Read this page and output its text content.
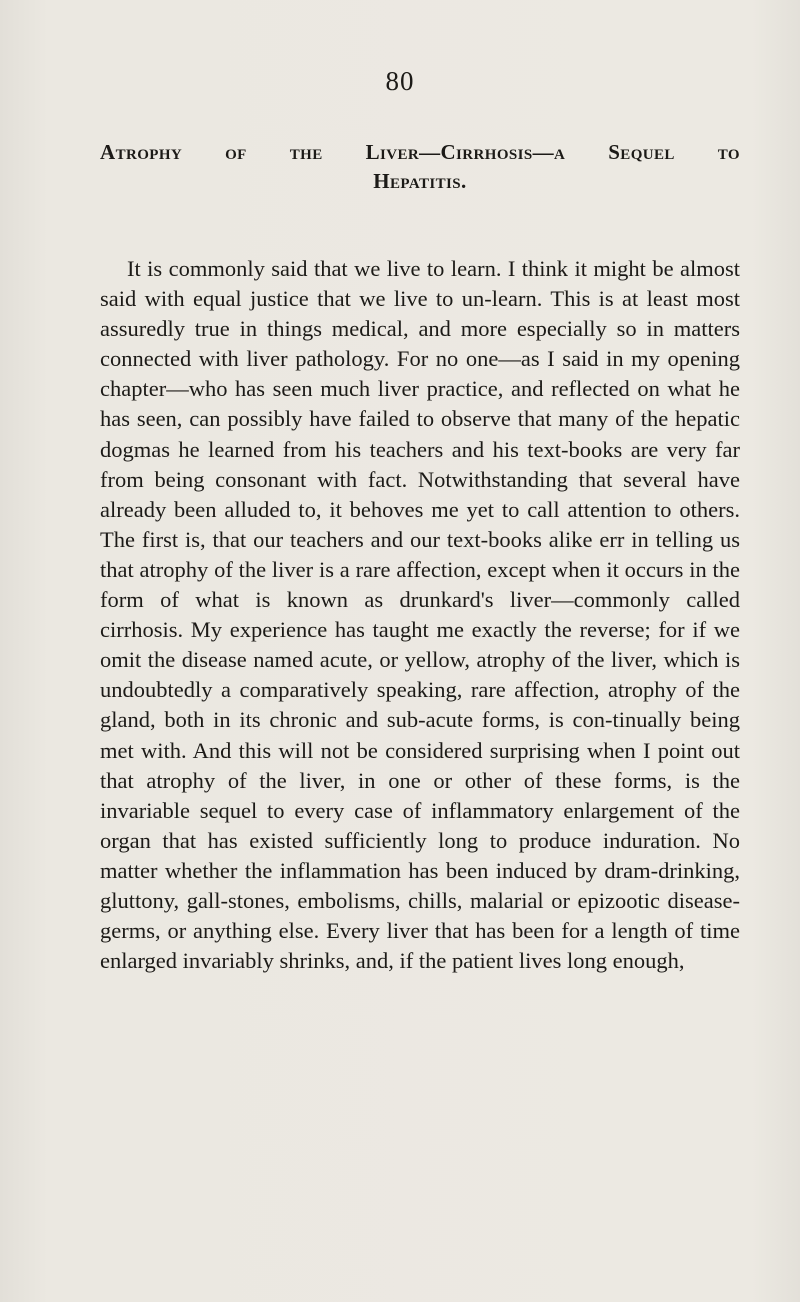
80
Atrophy of the Liver—Cirrhosis—a Sequel to
Hepatitis.

It is commonly said that we live to learn. I think it might be almost said with equal justice that we live to un-learn. This is at least most assuredly true in things medical, and more especially so in matters connected with liver pathology. For no one—as I said in my opening chapter—who has seen much liver practice, and reflected on what he has seen, can possibly have failed to observe that many of the hepatic dogmas he learned from his teachers and his text-books are very far from being consonant with fact. Notwithstanding that several have already been alluded to, it behoves me yet to call attention to others. The first is, that our teachers and our text-books alike err in telling us that atrophy of the liver is a rare affection, except when it occurs in the form of what is known as drunkard's liver—commonly called cirrhosis. My experience has taught me exactly the reverse; for if we omit the disease named acute, or yellow, atrophy of the liver, which is undoubtedly a comparatively speaking, rare affection, atrophy of the gland, both in its chronic and sub-acute forms, is con-tinually being met with. And this will not be considered surprising when I point out that atrophy of the liver, in one or other of these forms, is the invariable sequel to every case of inflammatory enlargement of the organ that has existed sufficiently long to produce induration. No matter whether the inflammation has been induced by dram-drinking, gluttony, gall-stones, embolisms, chills, malarial or epizootic disease-germs, or anything else. Every liver that has been for a length of time enlarged invariably shrinks, and, if the patient lives long enough,
